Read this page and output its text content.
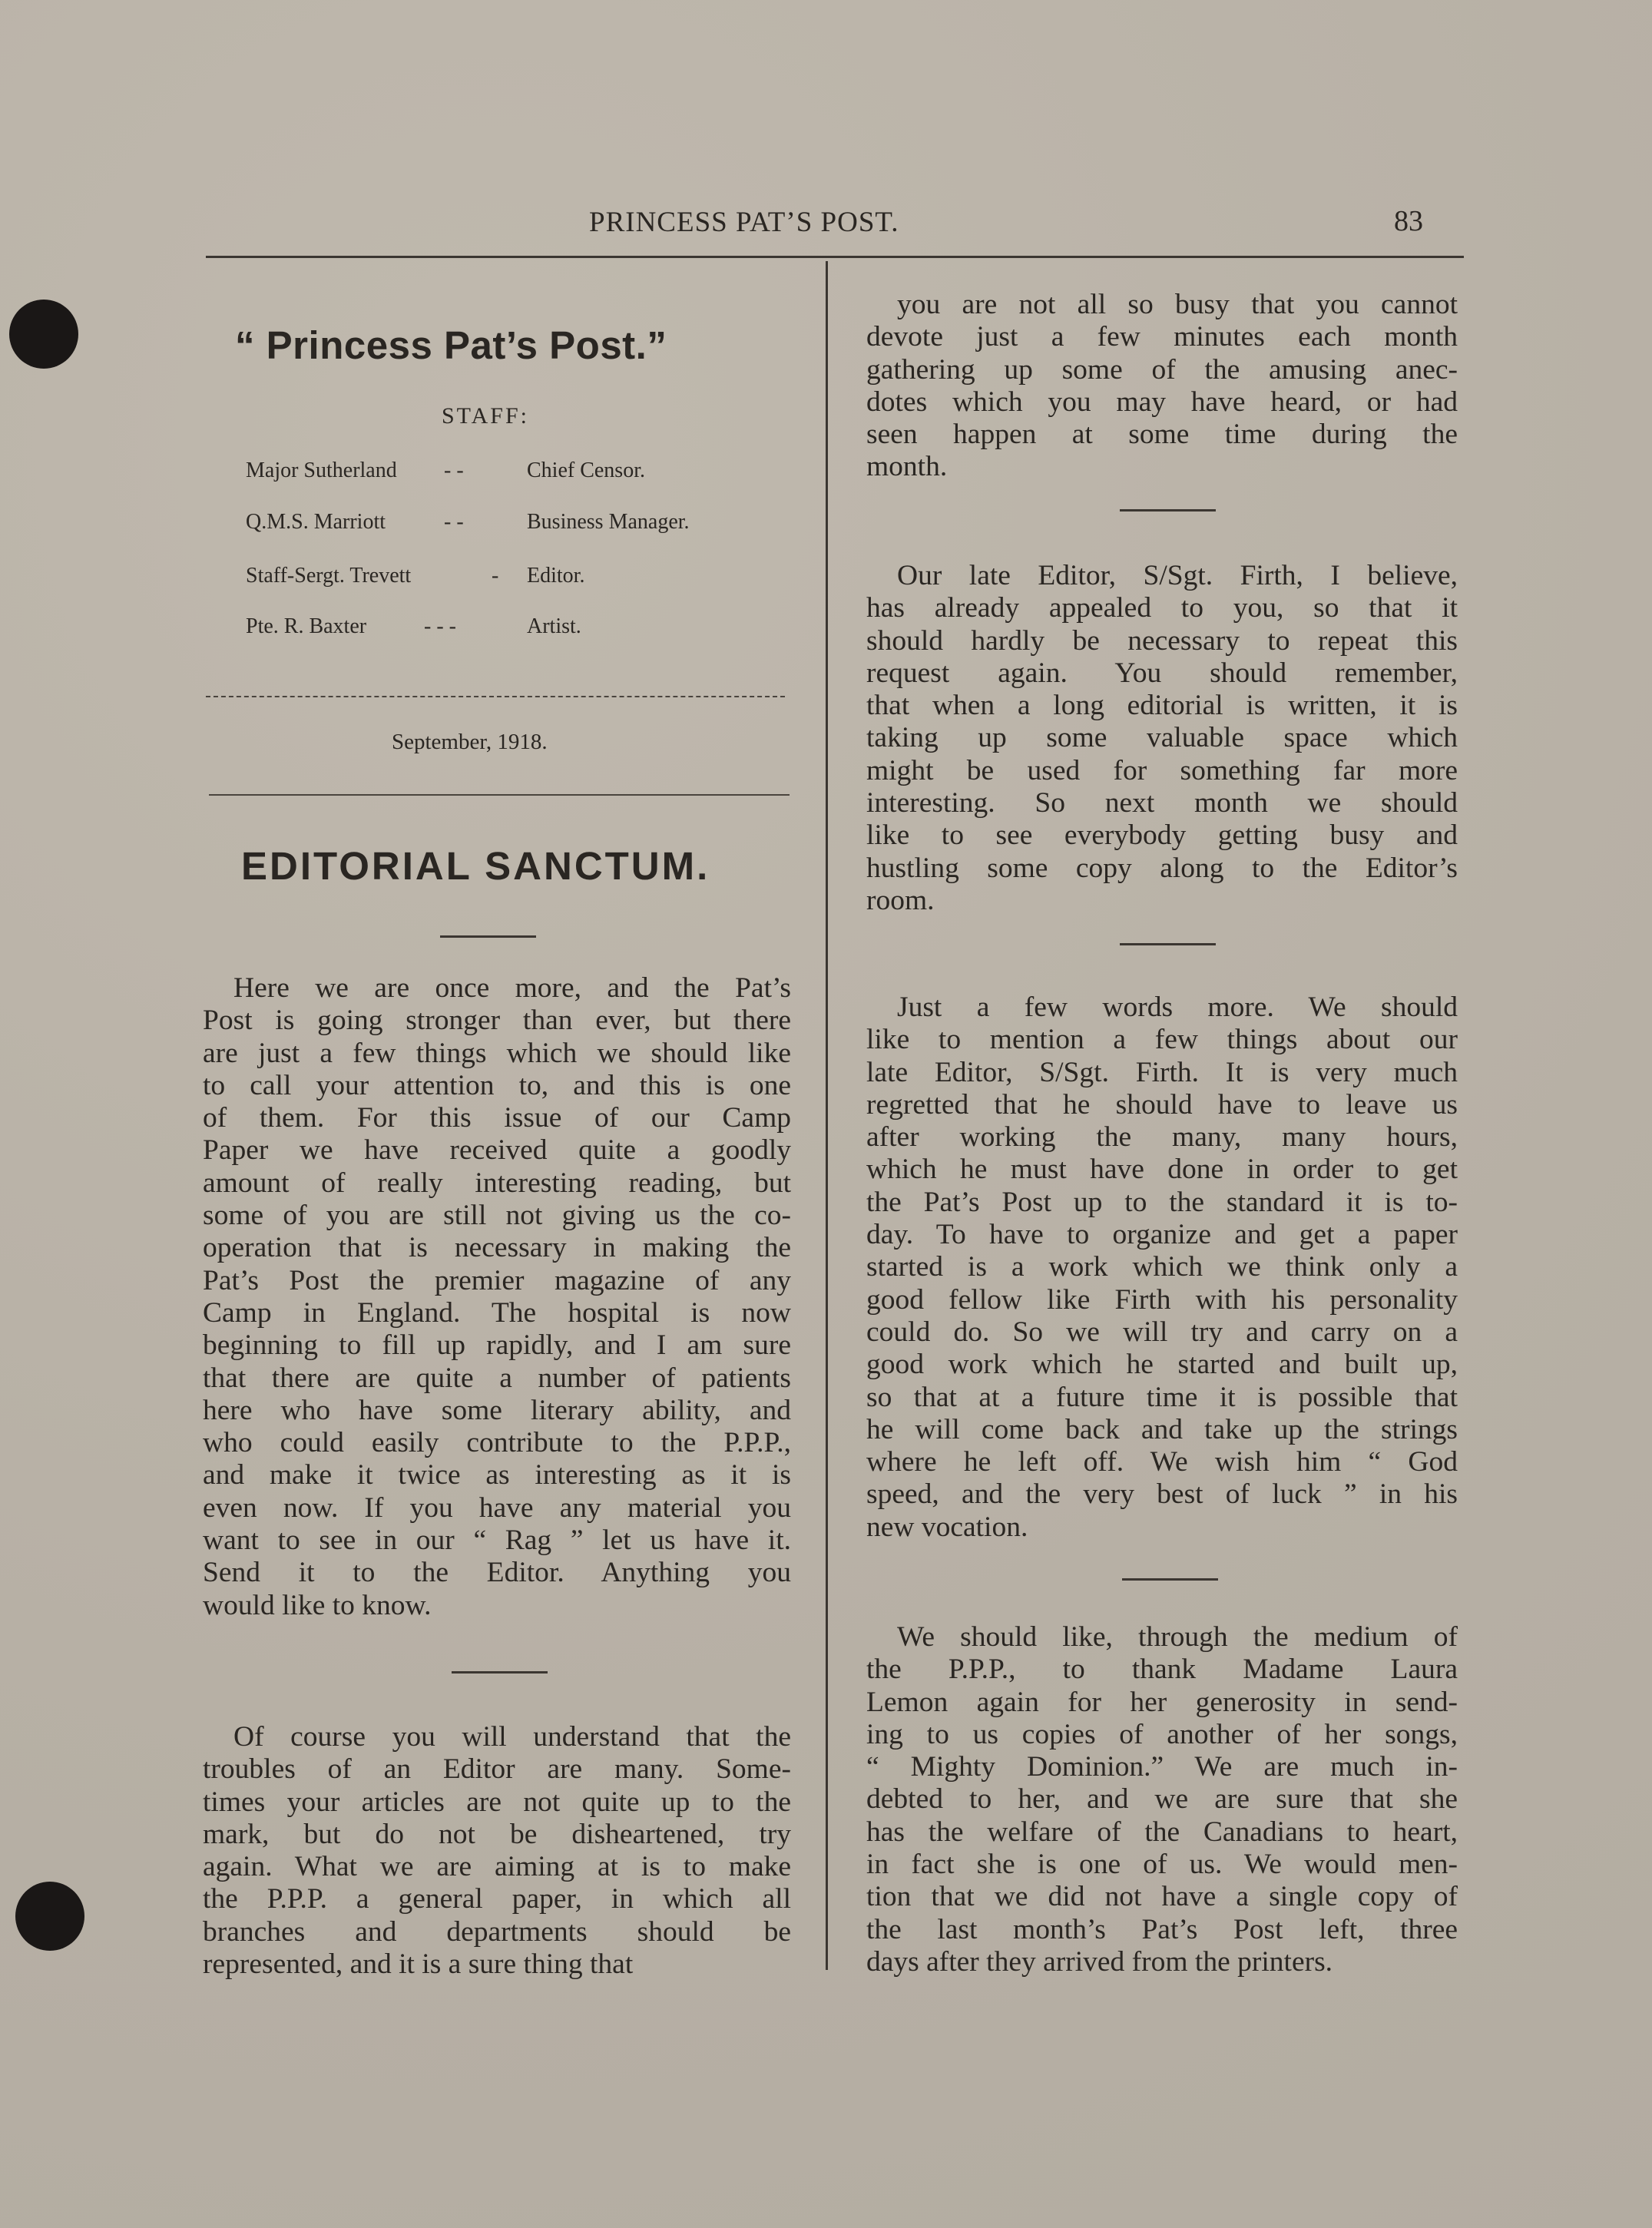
PRINCESS PAT’S POST.	83
“ Princess Pat’s Post.”
STAFF:
Major Sutherland - -	Chief Censor.
Q.M.S. Marriott	- -	Business Manager.
Staff-Sergt. Trevett	- Editor.
Pte. R. Baxter	- - -	Artist.
September, 1918.
EDITORIAL SANCTUM.
Here we are once more, and the Pat’s
Post is going stronger than ever, but there
are just a few things which we should like
to call your attention to, and this is one
of them. For this issue of our Camp
Paper we have received quite a goodly
amount of really interesting reading, but
some of you are still not giving us the co-
operation that is necessary in making the
Pat’s Post the premier magazine of any
Camp in England. The hospital is now
beginning to fill up rapidly, and I am sure
that there are quite a number of patients
here who have some literary ability, and
who could easily contribute to the P.P.P.,
and make it twice as interesting as it is
even now. If you have any material you
want to see in our “ Rag ” let us have it.
Send it to the Editor. Anything you
would like to know.
Of course you will understand that the
troubles of an Editor are many. Some-
times your articles are not quite up to the
mark, but do not be disheartened, try
again. What we are aiming at is to make
the P.P.P. a general paper, in which all
branches and departments should be
represented, and it is a sure thing that
you are not all so busy that you cannot
devote just a few minutes each month
gathering up some of the amusing anec-
dotes which you may have heard, or had
seen happen at some time during the
month.
Our late Editor, S/Sgt. Firth, I believe,
has already appealed to you, so that it
should hardly be necessary to repeat this
request again. You should remember,
that when a long editorial is written, it is
taking up some valuable space which
might be used for something far more
interesting. So next month we should
like to see everybody getting busy and
hustling some copy along to the Editor’s
room.
Just a few words more. We should
like to mention a few things about our
late Editor, S/Sgt. Firth. It is very much
regretted that he should have to leave us
after working the many, many hours,
which he must have done in order to get
the Pat’s Post up to the standard it is to-
day. To have to organize and get a paper
started is a work which we think only a
good fellow like Firth with his personality
could do. So we will try and carry on a
good work which he started and built up,
so that at a future time it is possible that
he will come back and take up the strings
where he left off. We wish him “ God
speed, and the very best of luck ” in his
new vocation.
We should like, through the medium of
the P.P.P., to thank Madame Laura
Lemon again for her generosity in send-
ing to us copies of another of her songs,
“ Mighty Dominion.” We are much in-
debted to her, and we are sure that she
has the welfare of the Canadians to heart,
in fact she is one of us. We would men-
tion that we did not have a single copy of
the last month’s Pat’s Post left, three
days after they arrived from the printers.
